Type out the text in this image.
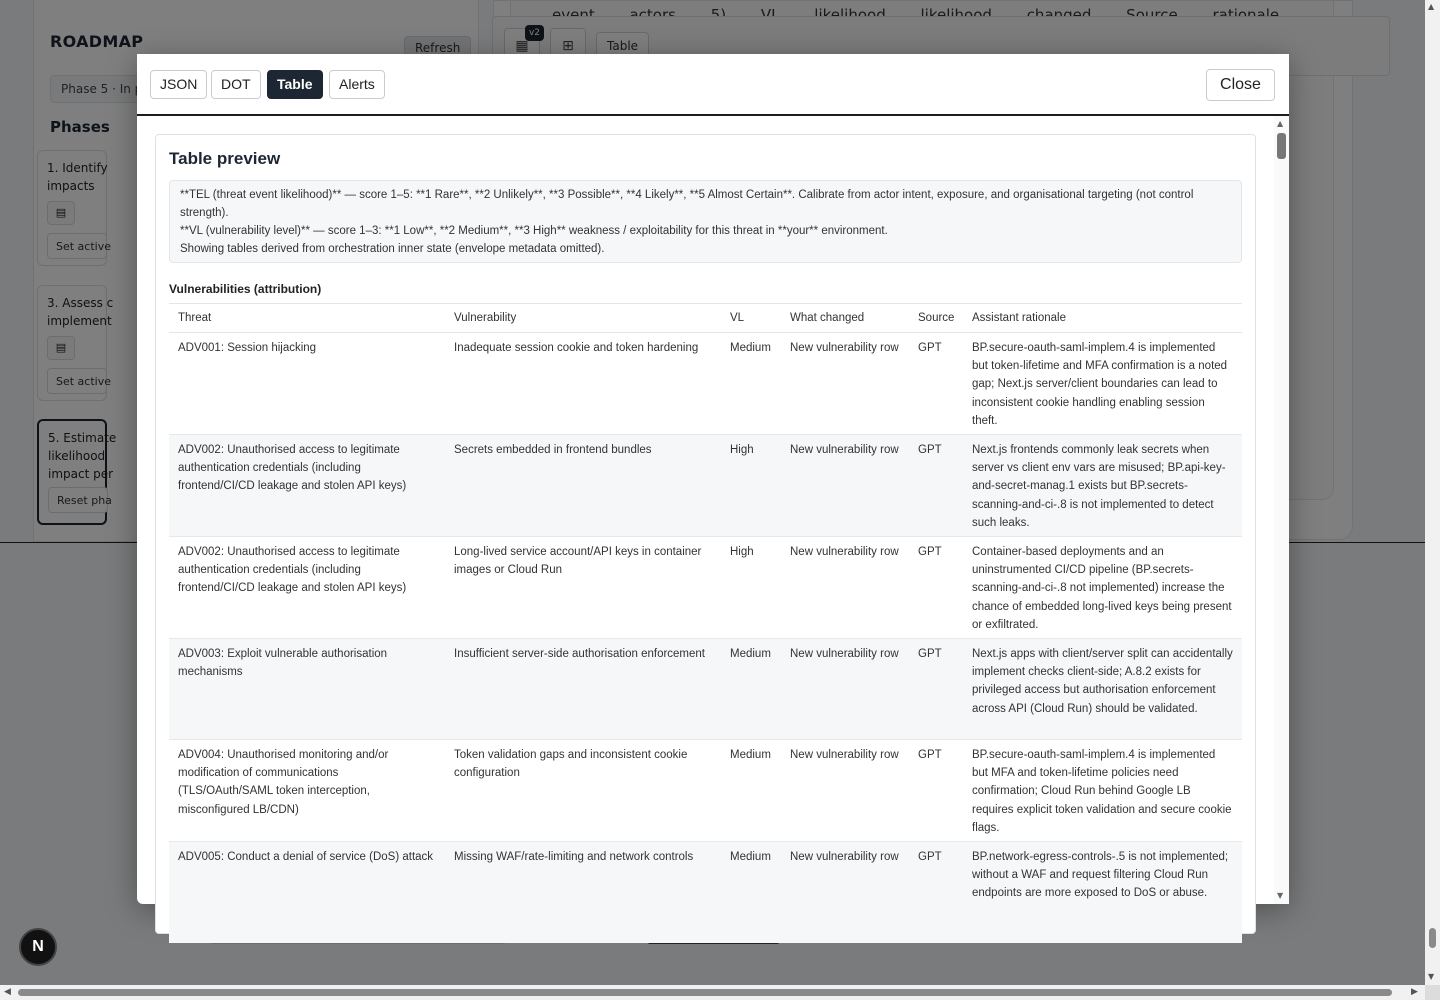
N
JSON	DOT	Table	Alerts	Close
Table preview
**TEL (threat event likelihood)** — score 1–5: **1 Rare**, **2 Unlikely**, **3 Possible**, **4 Likely**, **5 Almost Certain**. Calibrate from actor intent, exposure, and organisational targeting (not control strength).
**VL (vulnerability level)** — score 1–3: **1 Low**, **2 Medium**, **3 High** weakness / exploitability for this threat in **your** environment.
Showing tables derived from orchestration inner state (envelope metadata omitted).
Vulnerabilities (attribution)
Threat	Vulnerability	VL	What changed	Source	Assistant rationale
ADV001: Session hijacking	Inadequate session cookie and token hardening	Medium	New vulnerability row	GPT	BP.secure-oauth-saml-implem.4 is implemented but token-lifetime and MFA confirmation is a noted gap; Next.js server/client boundaries can lead to inconsistent cookie handling enabling session theft.
ADV002: Unauthorised access to legitimate authentication credentials (including frontend/CI/CD leakage and stolen API keys)	Secrets embedded in frontend bundles	High	New vulnerability row	GPT	Next.js frontends commonly leak secrets when server vs client env vars are misused; BP.api-key-and-secret-manag.1 exists but BP.secrets-scanning-and-ci-.8 is not implemented to detect such leaks.
ADV002: Unauthorised access to legitimate authentication credentials (including frontend/CI/CD leakage and stolen API keys)	Long-lived service account/API keys in container images or Cloud Run	High	New vulnerability row	GPT	Container-based deployments and an uninstrumented CI/CD pipeline (BP.secrets-scanning-and-ci-.8 not implemented) increase the chance of embedded long-lived keys being present or exfiltrated.
ADV003: Exploit vulnerable authorisation mechanisms	Insufficient server-side authorisation enforcement	Medium	New vulnerability row	GPT	Next.js apps with client/server split can accidentally implement checks client-side; A.8.2 exists for privileged access but authorisation enforcement across API (Cloud Run) should be validated.
ADV004: Unauthorised monitoring and/or modification of communications (TLS/OAuth/SAML token interception, misconfigured LB/CDN)	Token validation gaps and inconsistent cookie configuration	Medium	New vulnerability row	GPT	BP.secure-oauth-saml-implem.4 is implemented but MFA and token-lifetime policies need confirmation; Cloud Run behind Google LB requires explicit token validation and secure cookie flags.
ADV005: Conduct a denial of service (DoS) attack	Missing WAF/rate-limiting and network controls	Medium	New vulnerability row	GPT	BP.network-egress-controls-.5 is not implemented; without a WAF and request filtering Cloud Run endpoints are more exposed to DoS or abuse.
▲
▼
▲
▼
◀	▶
